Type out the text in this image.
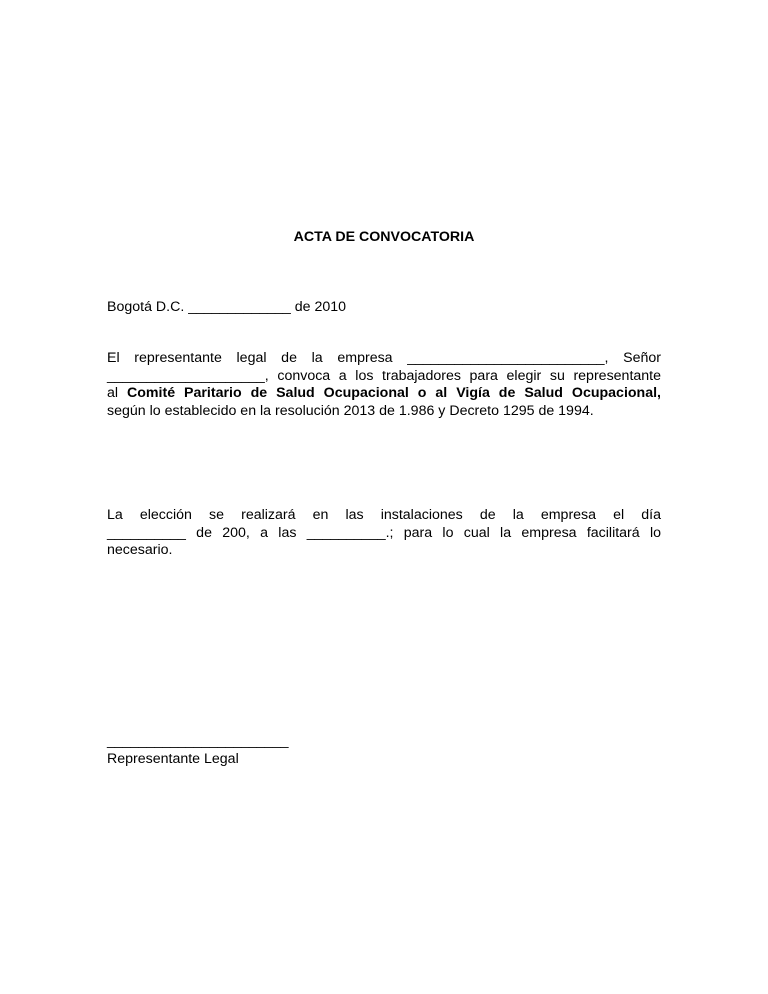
ACTA DE CONVOCATORIA
Bogotá D.C. _____________ de 2010
El representante legal de la empresa _________________________, Señor
____________________, convoca a los trabajadores para elegir su representante
al Comité Paritario de Salud Ocupacional o al Vigía de Salud Ocupacional,
según lo establecido en la resolución 2013 de 1.986 y Decreto 1295 de 1994.
La elección se realizará en las instalaciones de la empresa el día
__________ de 200, a las __________.; para lo cual la empresa facilitará lo
necesario.
_______________________
Representante Legal
